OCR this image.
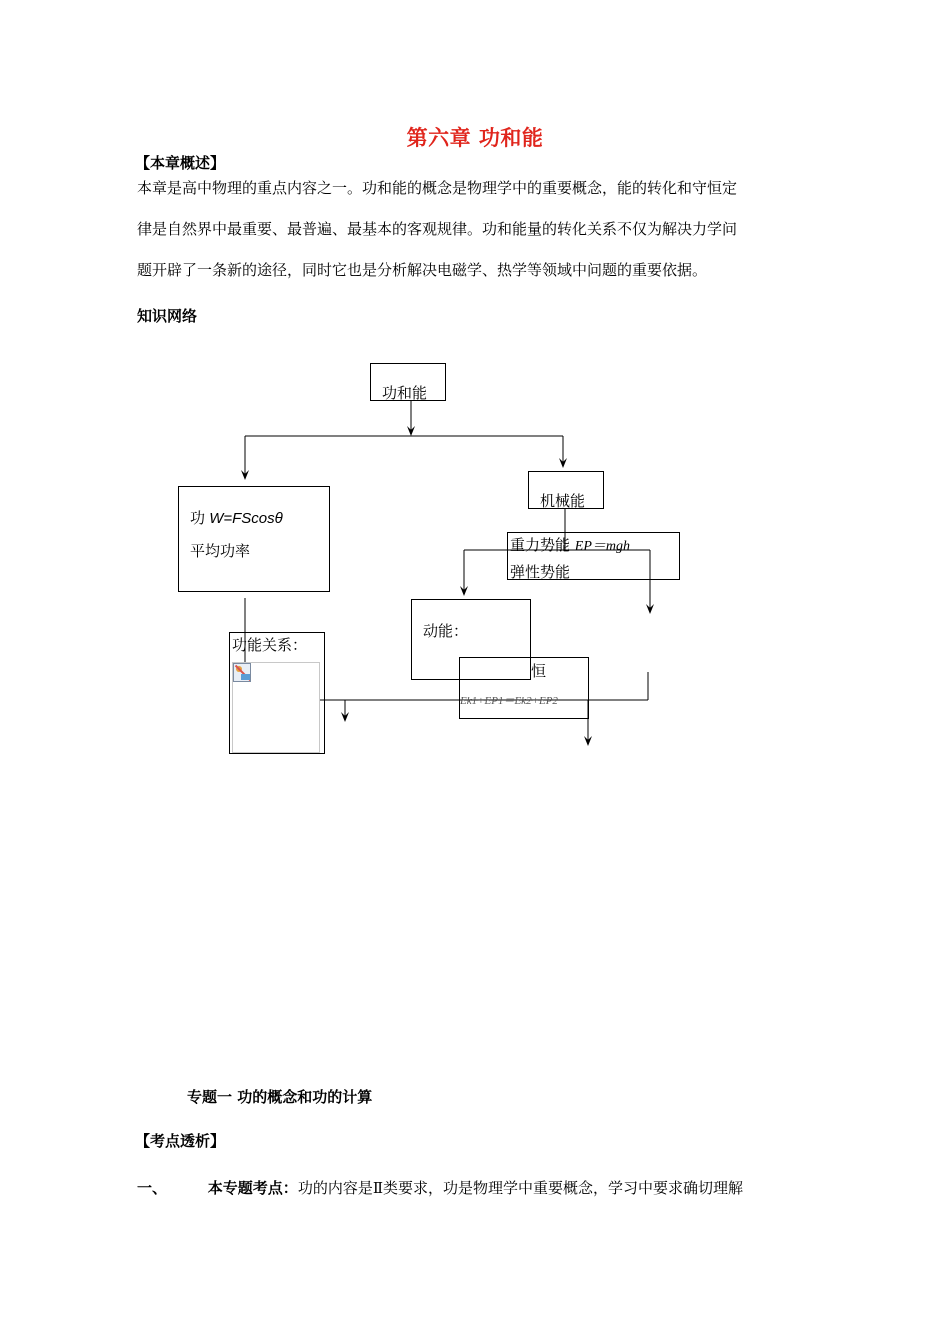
第六章 功和能
【本章概述】
本章是高中物理的重点内容之一。功和能的概念是物理学中的重要概念，能的转化和守恒定
律是自然界中最重要、最普遍、最基本的客观规律。功和能量的转化关系不仅为解决力学问
题开辟了一条新的途径，同时它也是分析解决电磁学、热学等领域中问题的重要依据。
知识网络
功和能
功 W=FScosθ
平均功率
机械能
重力势能 EP＝mgh
弹性势能
动能：
恒
Ek1+EP1＝Ek2+EP2
功能关系：
专题一 功的概念和功的计算
【考点透析】
一、	本专题考点：功的内容是Ⅱ类要求，功是物理学中重要概念，学习中要求确切理解
